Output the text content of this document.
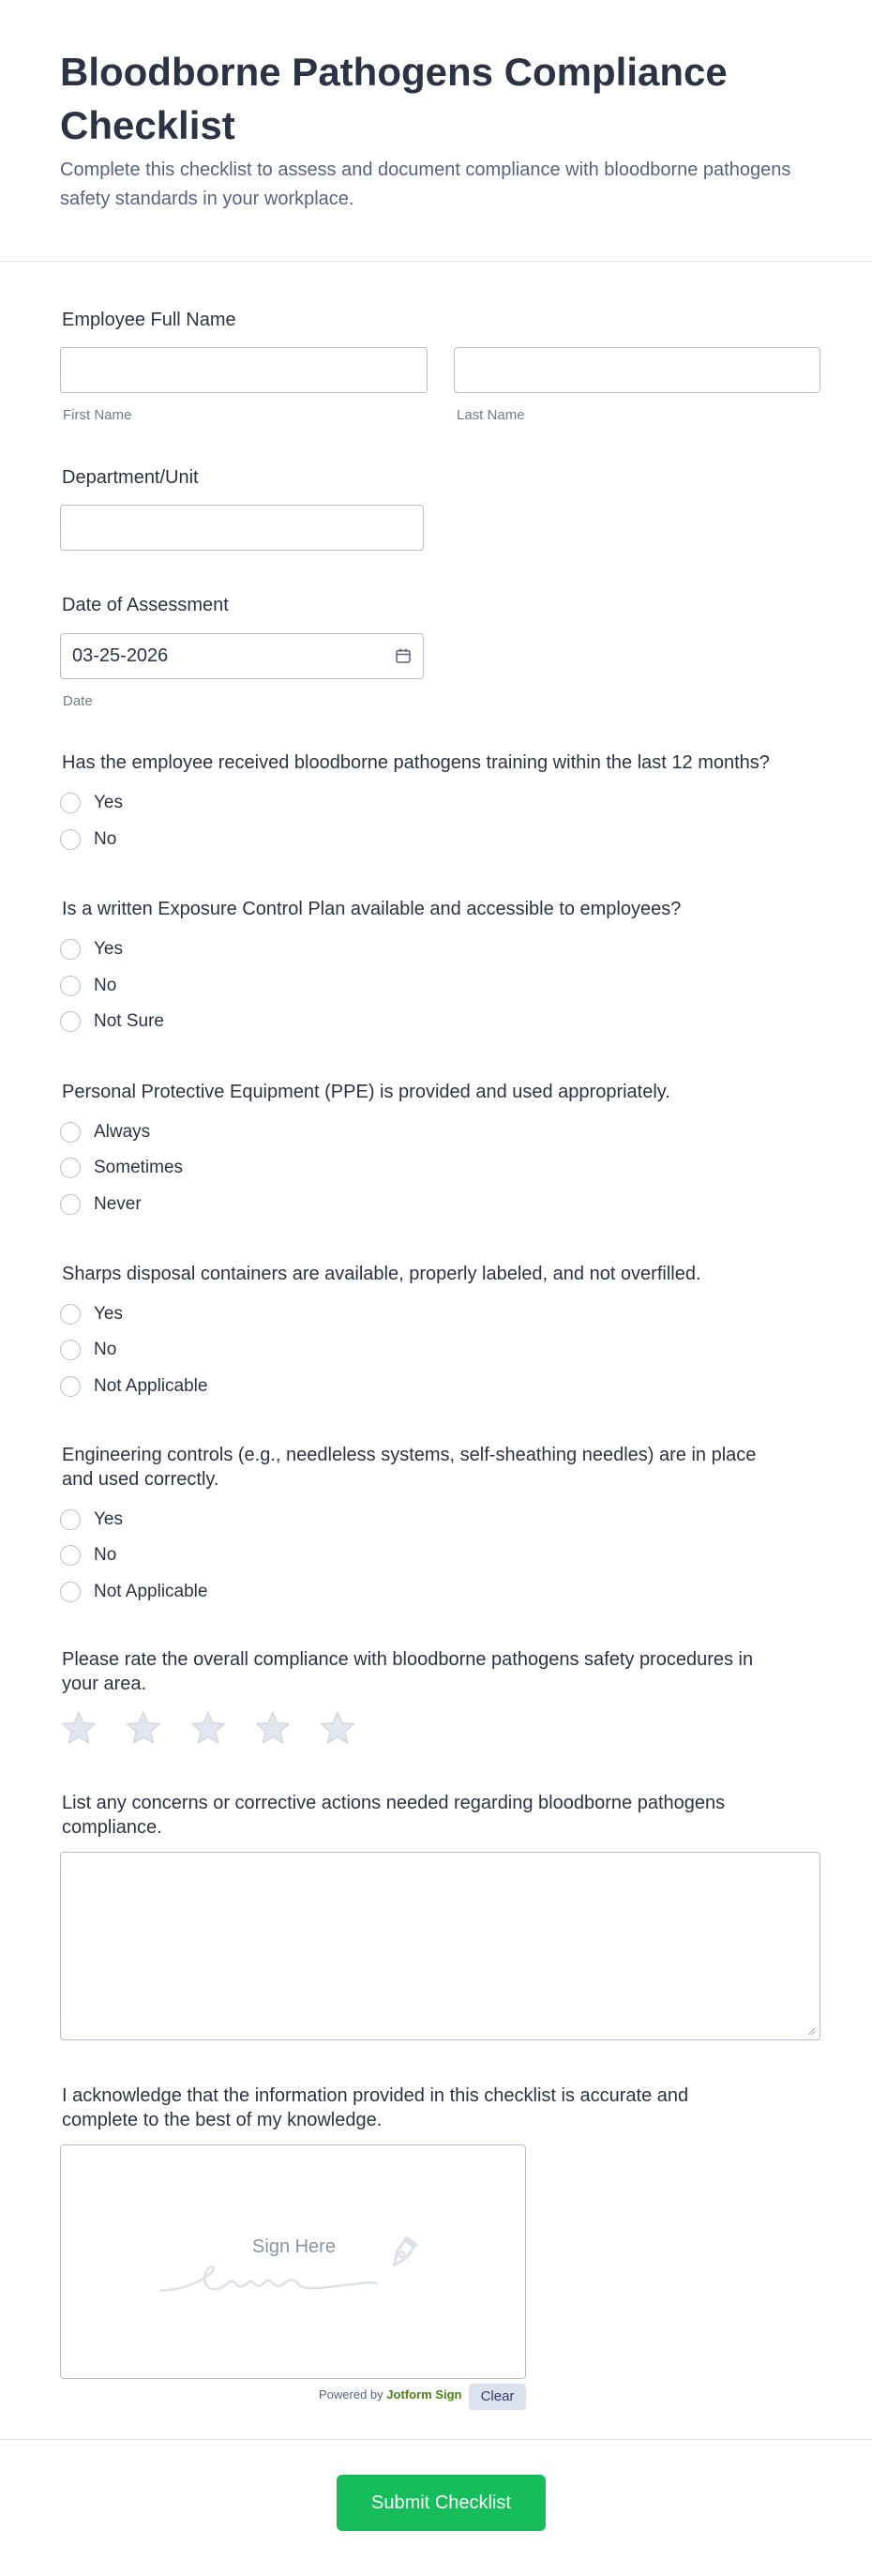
Bloodborne Pathogens Compliance Checklist

Complete this checklist to assess and document compliance with bloodborne pathogens safety standards in your workplace.

Employee Full Name
First Name	Last Name
Department/Unit
Date of Assessment
03-25-2026
Date
Has the employee received bloodborne pathogens training within the last 12 months?
Yes
No
Is a written Exposure Control Plan available and accessible to employees?
Yes
No
Not Sure
Personal Protective Equipment (PPE) is provided and used appropriately.
Always
Sometimes
Never
Sharps disposal containers are available, properly labeled, and not overfilled.
Yes
No
Not Applicable
Engineering controls (e.g., needleless systems, self-sheathing needles) are in place
and used correctly.
Yes
No
Not Applicable
Please rate the overall compliance with bloodborne pathogens safety procedures in
your area.
List any concerns or corrective actions needed regarding bloodborne pathogens
compliance.
I acknowledge that the information provided in this checklist is accurate and
complete to the best of my knowledge.
Sign Here
Powered by Jotform Sign	Clear
Submit Checklist
